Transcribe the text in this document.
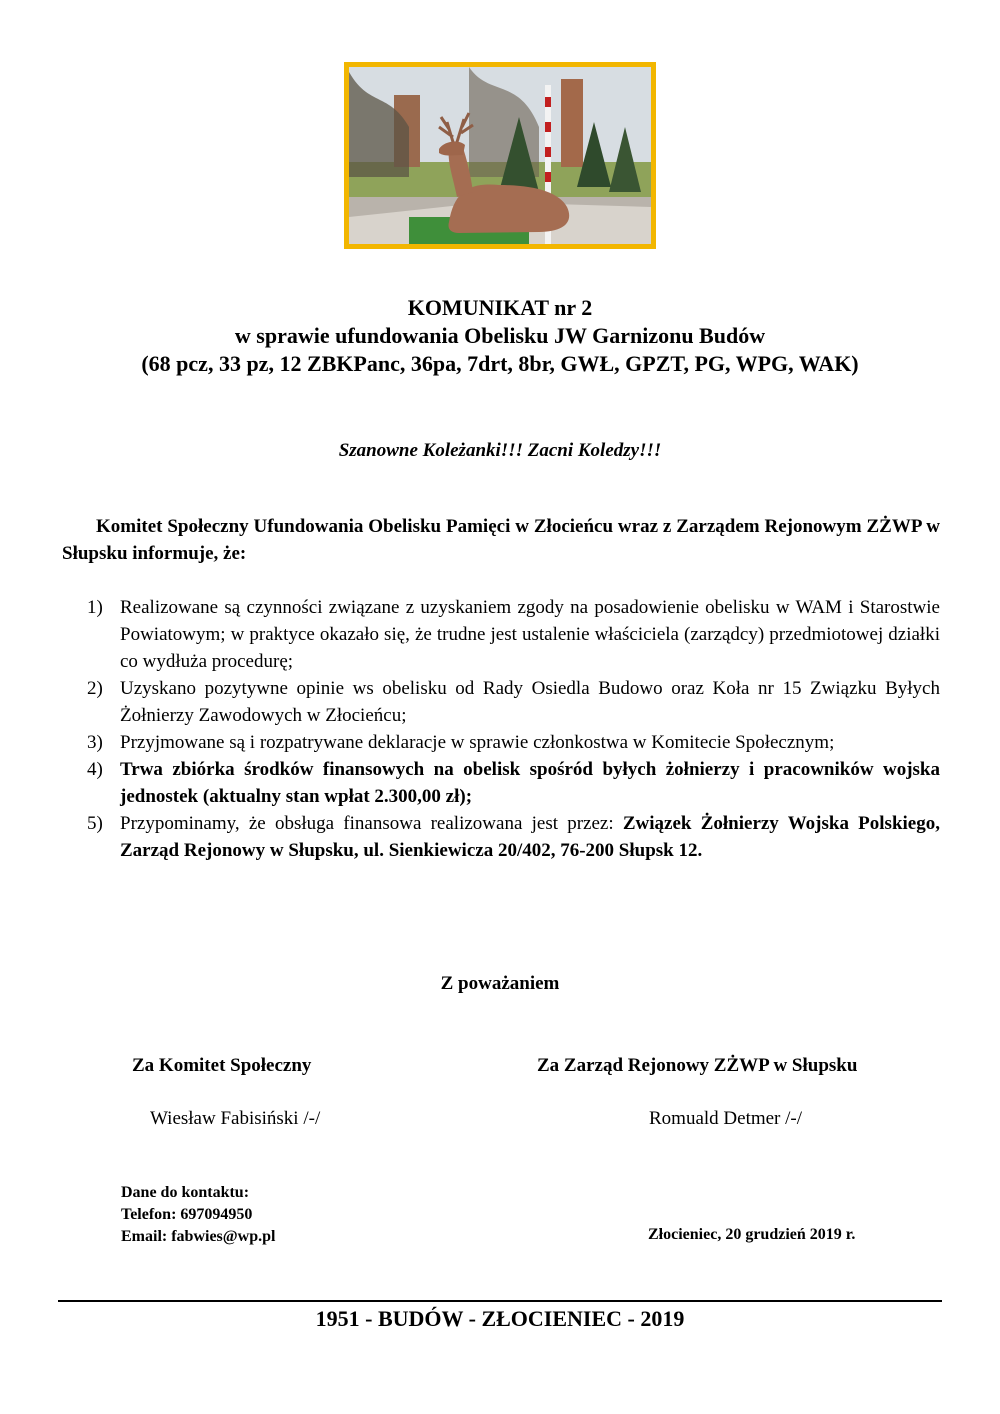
KOMUNIKAT nr 2
w sprawie ufundowania Obelisku JW Garnizonu Budów
(68 pcz, 33 pz, 12 ZBKPanc, 36pa, 7drt, 8br, GWŁ, GPZT, PG, WPG, WAK)
Szanowne Koleżanki!!! Zacni Koledzy!!!
Komitet Społeczny Ufundowania Obelisku Pamięci w Złocieńcu wraz z Zarządem Rejonowym ZŻWP w Słupsku informuje, że:
1) Realizowane są czynności związane z uzyskaniem zgody na posadowienie obelisku w WAM i Starostwie Powiatowym; w praktyce okazało się, że trudne jest ustalenie właściciela (zarządcy) przedmiotowej działki co wydłuża procedurę;
2) Uzyskano pozytywne opinie ws obelisku od Rady Osiedla Budowo oraz Koła nr 15 Związku Byłych Żołnierzy Zawodowych w Złocieńcu;
3) Przyjmowane są i rozpatrywane deklaracje w sprawie członkostwa w Komitecie Społecznym;
4) Trwa zbiórka środków finansowych na obelisk spośród byłych żołnierzy i pracowników wojska jednostek (aktualny stan wpłat 2.300,00 zł);
5) Przypominamy, że obsługa finansowa realizowana jest przez: Związek Żołnierzy Wojska Polskiego, Zarząd Rejonowy w Słupsku, ul. Sienkiewicza 20/402, 76-200 Słupsk 12.
Z poważaniem
Za Komitet Społeczny	Za Zarząd Rejonowy ZŻWP w Słupsku
Wiesław Fabisiński /-/	Romuald Detmer /-/
Dane do kontaktu:
Telefon: 697094950
Email: fabwies@wp.pl	Złocieniec, 20 grudzień 2019 r.
1951 - BUDÓW - ZŁOCIENIEC - 2019
